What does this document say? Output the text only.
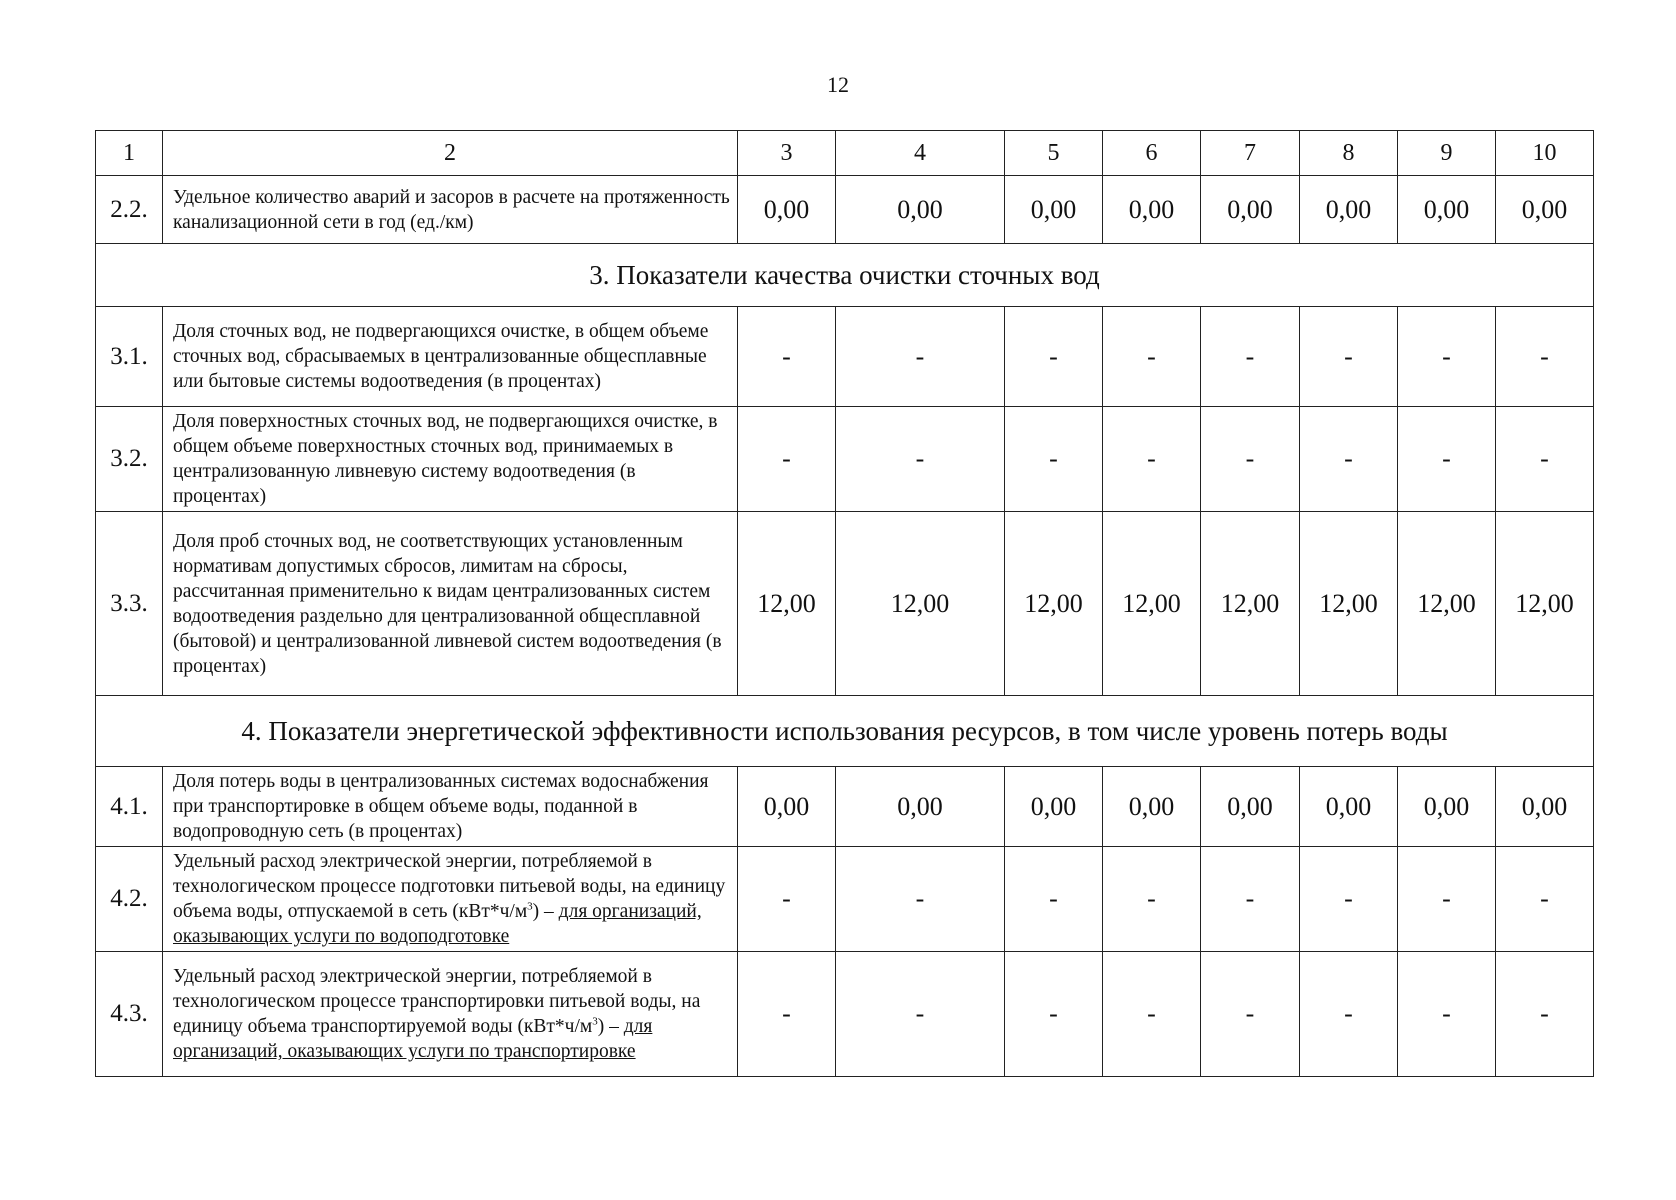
12
1	2	3	4	5	6	7	8	9	10
2.2.	Удельное количество аварий и засоров в расчете на протяженность канализационной сети в год (ед./км)	0,00	0,00	0,00	0,00	0,00	0,00	0,00	0,00
3. Показатели качества очистки сточных вод									
3.1.	Доля сточных вод, не подвергающихся очистке, в общем объеме сточных вод, сбрасываемых в централизованные общесплавные или бытовые системы водоотведения (в процентах)	-	-	-	-	-	-	-	-
3.2.	Доля поверхностных сточных вод, не подвергающихся очистке, в общем объеме поверхностных сточных вод, принимаемых в централизованную ливневую систему водоотведения (в процентах)	-	-	-	-	-	-	-	-
3.3.	Доля проб сточных вод, не соответствующих установленным нормативам допустимых сбросов, лимитам на сбросы, рассчитанная применительно к видам централизованных систем водоотведения раздельно для централизованной общесплавной (бытовой) и централизованной ливневой систем водоотведения (в процентах)	12,00	12,00	12,00	12,00	12,00	12,00	12,00	12,00
4. Показатели энергетической эффективности использования ресурсов, в том числе уровень потерь воды									
4.1.	Доля потерь воды в централизованных системах водоснабжения при транспортировке в общем объеме воды, поданной в водопроводную сеть (в процентах)	0,00	0,00	0,00	0,00	0,00	0,00	0,00	0,00
4.2.	Удельный расход электрической энергии, потребляемой в технологическом процессе подготовки питьевой воды, на единицу объема воды, отпускаемой в сеть $(кВт*ч/м^3)$ – для организаций, оказывающих услуги по водоподготовке	-	-	-	-	-	-	-	-
4.3.	Удельный расход электрической энергии, потребляемой в технологическом процессе транспортировки питьевой воды, на единицу объема транспортируемой воды $(кВт*ч/м^3)$ – для организаций, оказывающих услуги по транспортировке	-	-	-	-	-	-	-	-
